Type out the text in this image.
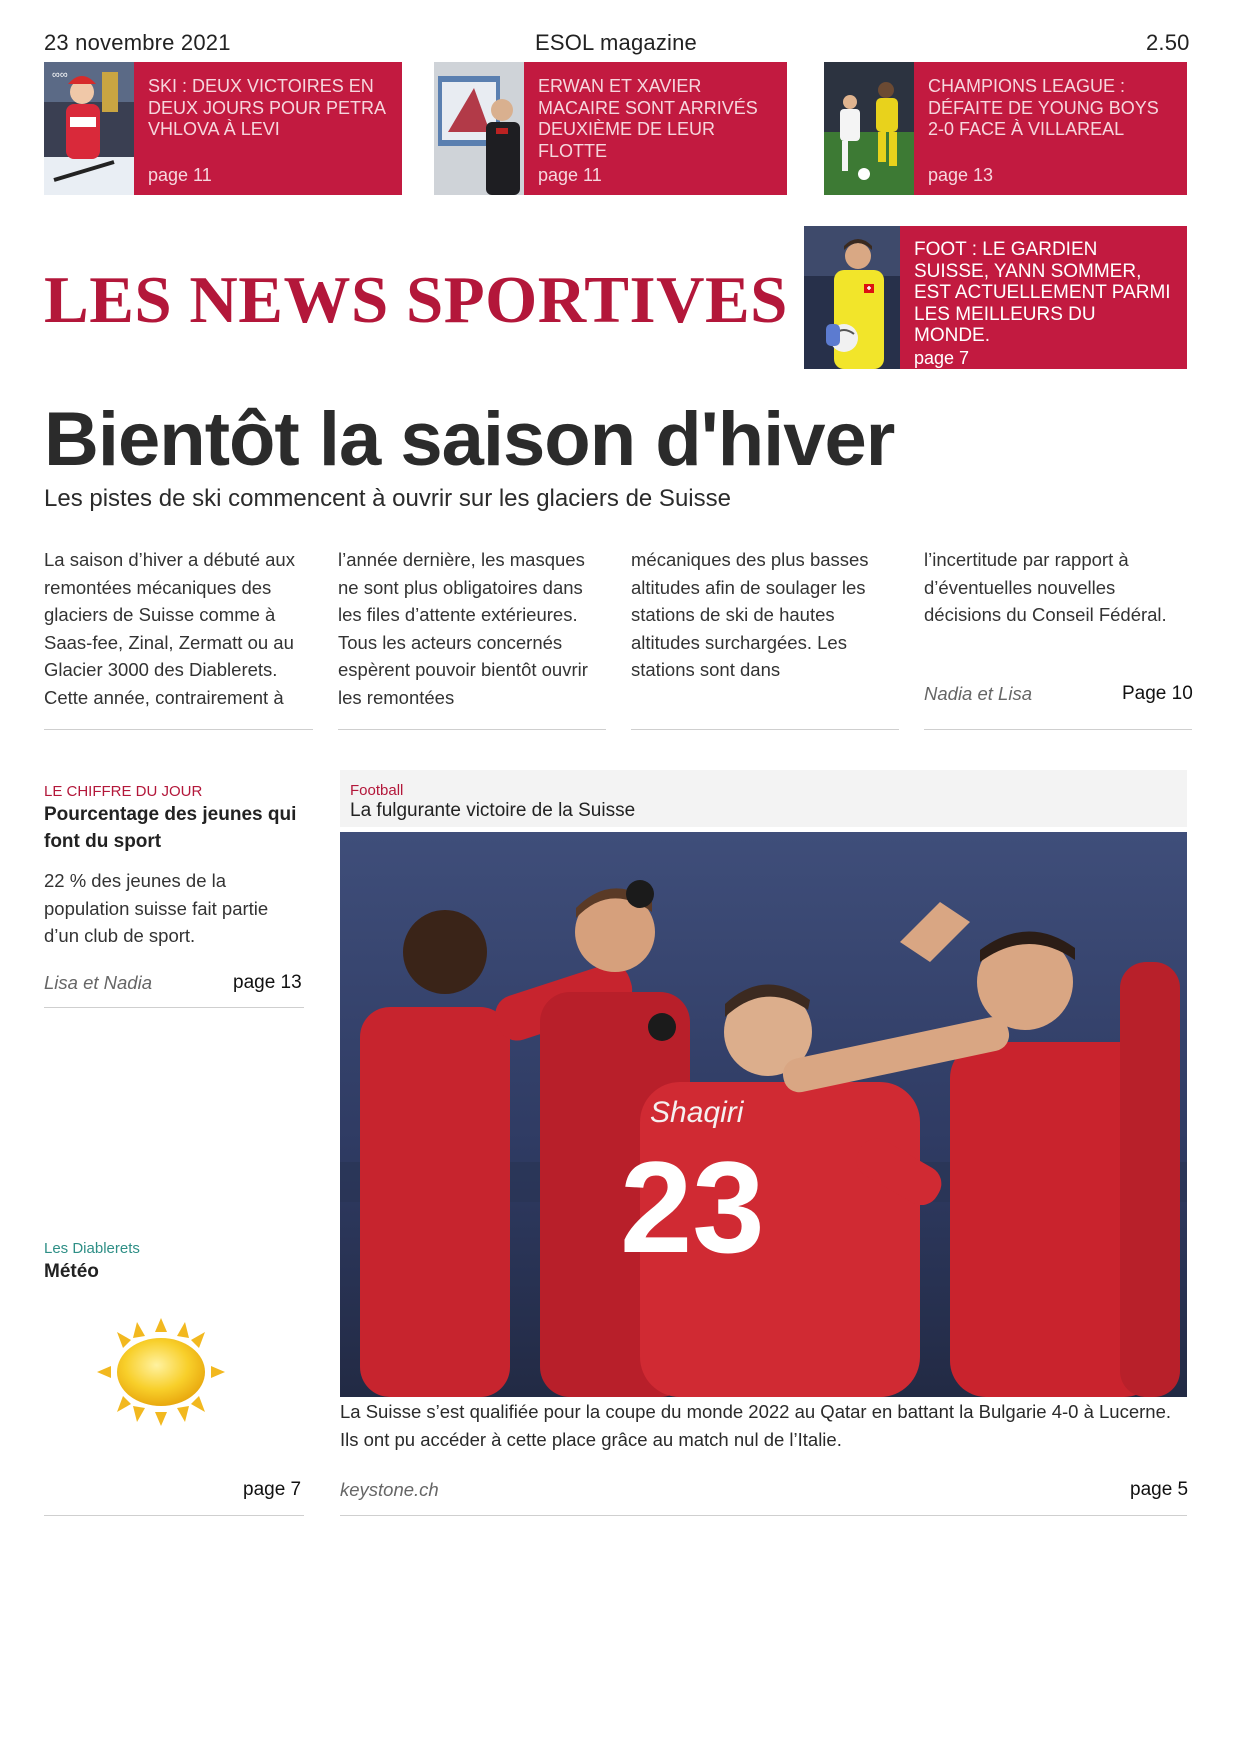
23 novembre 2021	ESOL magazine	2.50
∞∞
SKI : DEUX VICTOIRES EN DEUX JOURS POUR PETRA VHLOVA À LEVI
page 11
ERWAN ET XAVIER MACAIRE SONT ARRIVÉS DEUXIÈME DE LEUR FLOTTE
page 11
CHAMPIONS LEAGUE : DÉFAITE DE YOUNG BOYS 2-0 FACE À VILLAREAL
page 13
LES NEWS SPORTIVES
FOOT : LE GARDIEN SUISSE, YANN SOMMER, EST ACTUELLEMENT PARMI LES MEILLEURS DU MONDE.
page 7
Bientôt la saison d'hiver
Les pistes de ski commencent à ouvrir sur les glaciers de Suisse
La saison d’hiver a débuté aux remontées mécaniques des glaciers de Suisse comme à Saas-fee, Zinal, Zermatt ou au Glacier 3000 des Diablerets. Cette année, contrairement à
l’année dernière, les masques ne sont plus obligatoires dans les files d’attente extérieures. Tous les acteurs concernés espèrent pouvoir bientôt ouvrir les remontées
mécaniques des plus basses altitudes afin de soulager les stations de ski de hautes altitudes surchargées. Les stations sont dans
l’incertitude par rapport à d’éventuelles nouvelles décisions du Conseil Fédéral.
Nadia et Lisa	Page 10
LE CHIFFRE DU JOUR
Pourcentage des jeunes qui font du sport
22 % des jeunes de la population suisse fait partie d’un club de sport.
Lisa et Nadia	page 13
Les Diablerets
Météo
page 7
Football
La fulgurante victoire de la Suisse
Shaqiri
23
La Suisse s’est qualifiée pour la coupe du monde 2022 au Qatar en battant la Bulgarie 4-0 à Lucerne. Ils ont pu accéder à cette place grâce au match nul de l’Italie.
keystone.ch	page 5
